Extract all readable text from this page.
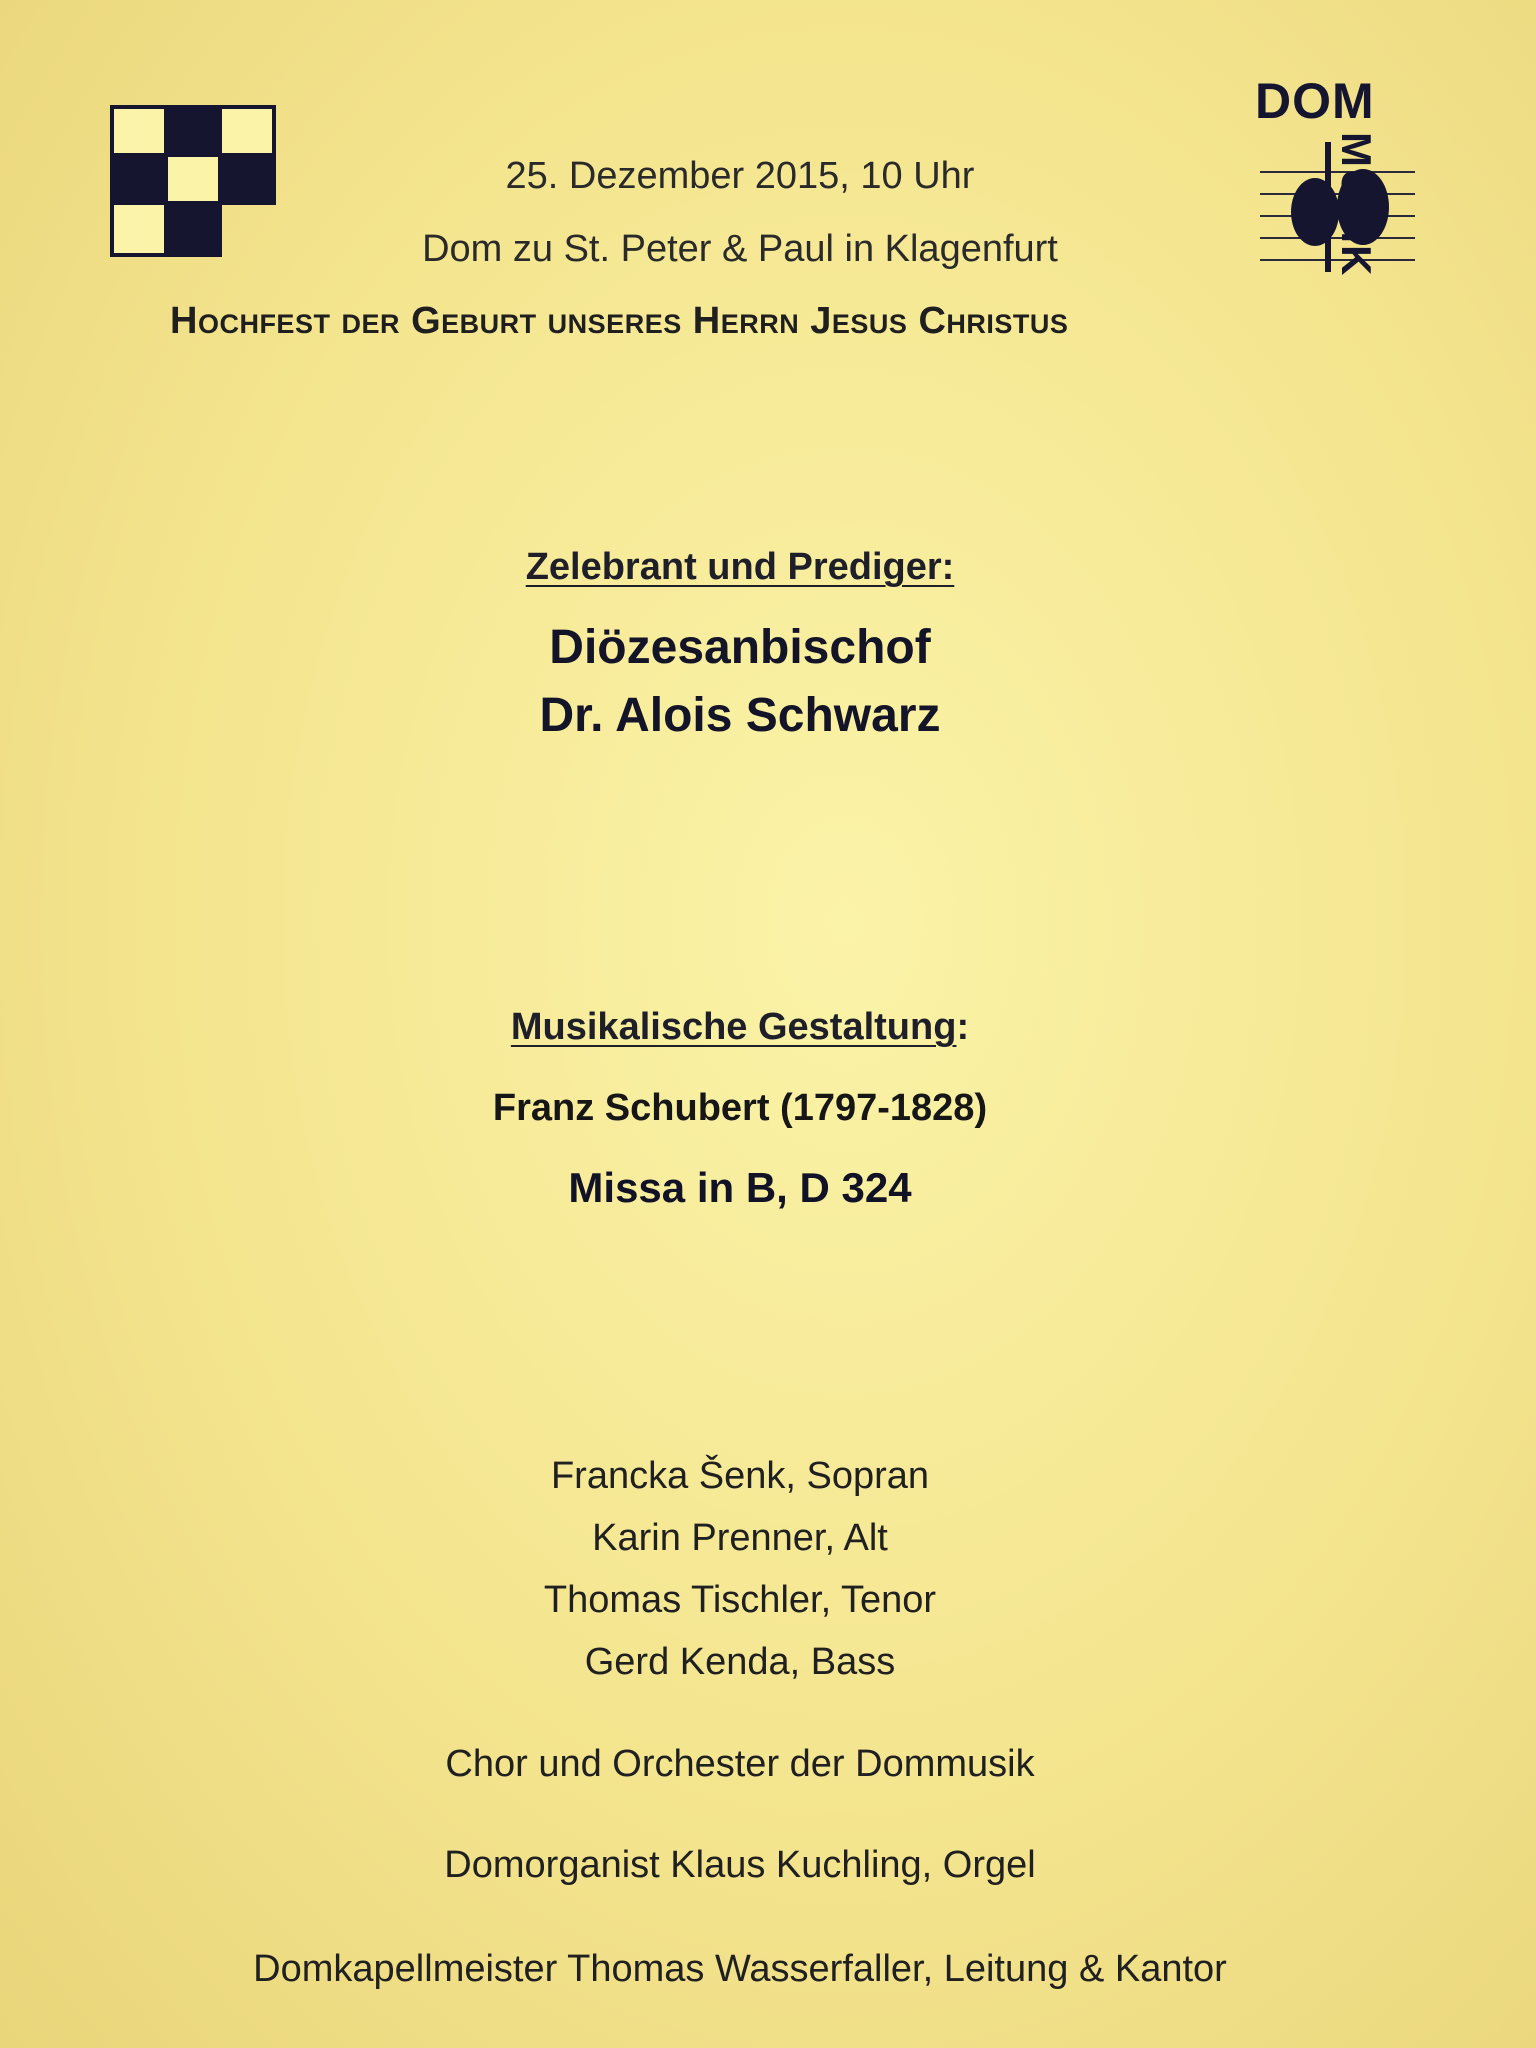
DOM
MUSIK
25. Dezember 2015, 10 Uhr
Dom zu St. Peter & Paul in Klagenfurt
Hochfest der Geburt unseres Herrn Jesus Christus
Zelebrant und Prediger:
Diözesanbischof
Dr. Alois Schwarz
Musikalische Gestaltung:
Franz Schubert (1797-1828)
Missa in B, D 324
Francka Šenk, Sopran
Karin Prenner, Alt
Thomas Tischler, Tenor
Gerd Kenda, Bass
Chor und Orchester der Dommusik
Domorganist Klaus Kuchling, Orgel
Domkapellmeister Thomas Wasserfaller, Leitung & Kantor
